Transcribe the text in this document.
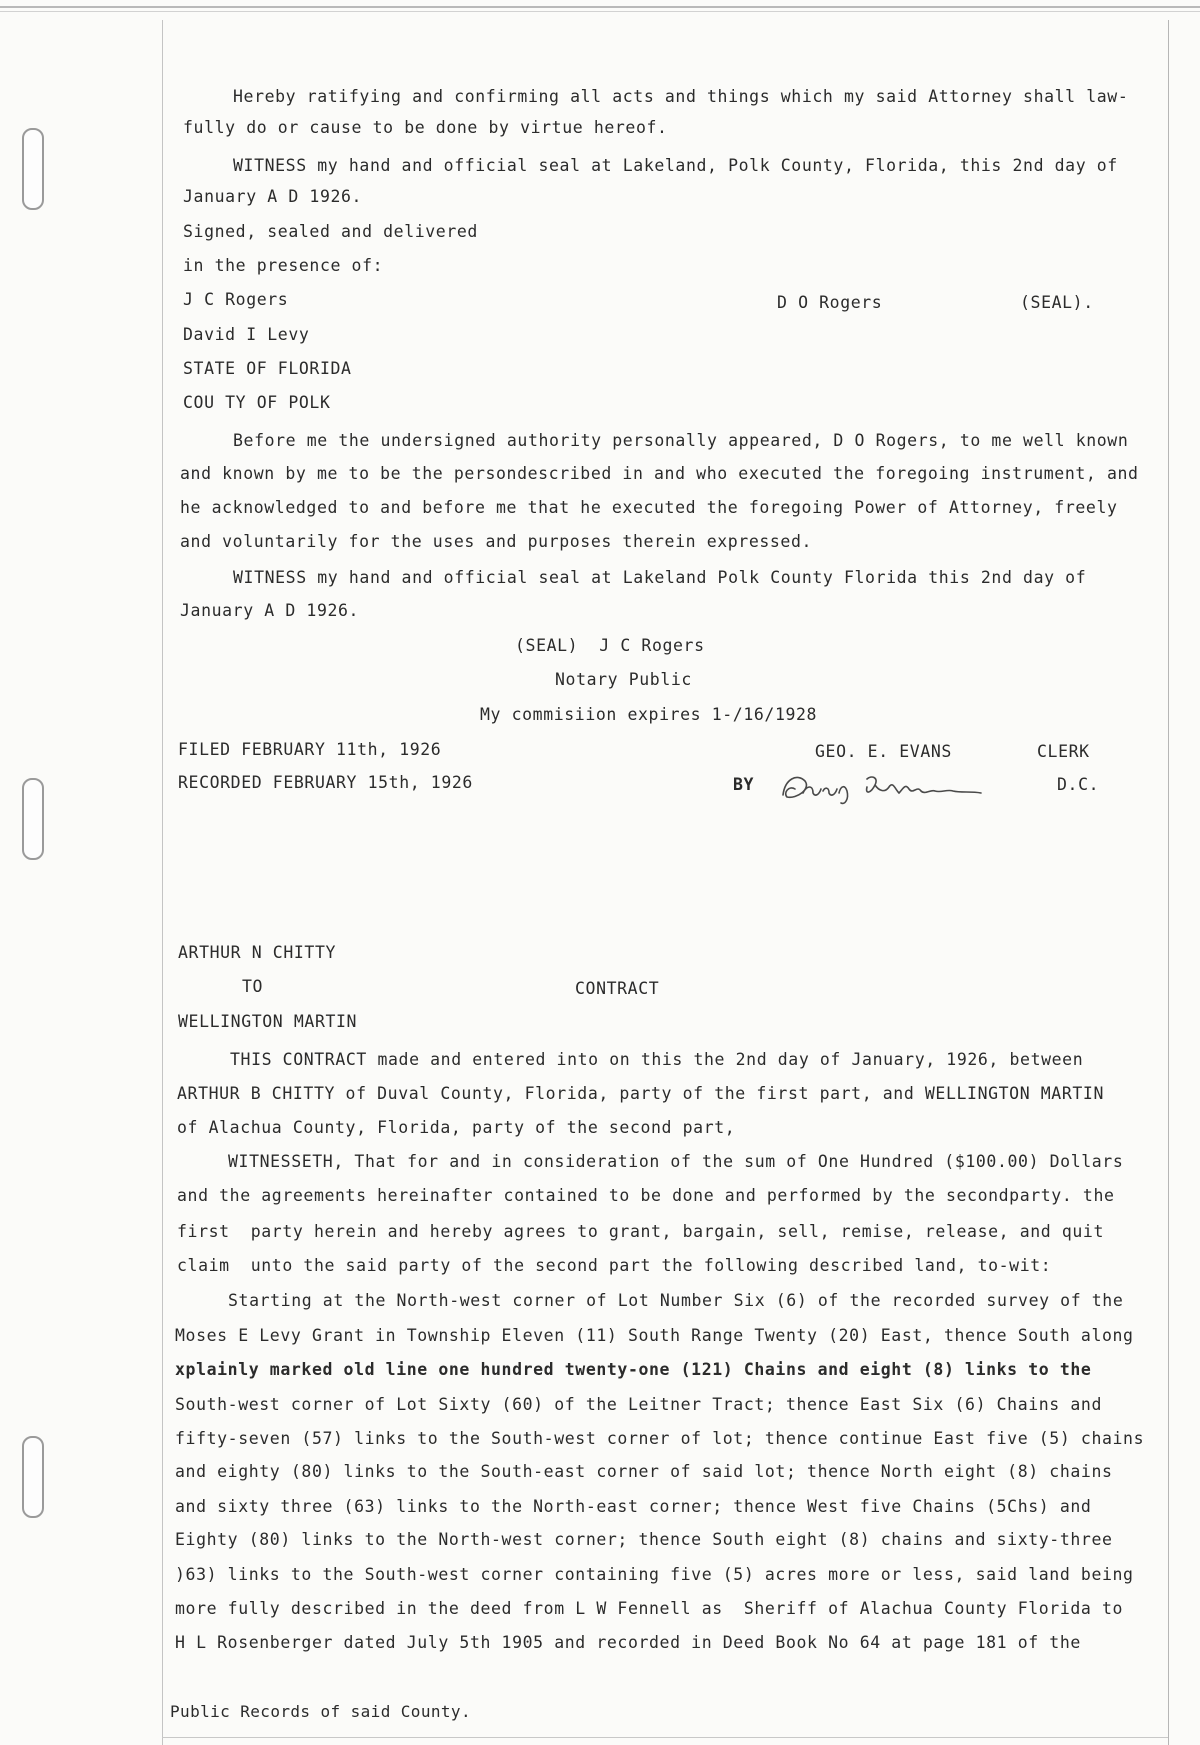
Hereby ratifying and confirming all acts and things which my said Attorney shall law-
fully do or cause to be done by virtue hereof.
WITNESS my hand and official seal at Lakeland, Polk County, Florida, this 2nd day of
January A D 1926.
Signed, sealed and delivered
in the presence of:
J C Rogers	D O Rogers	(SEAL).
David I Levy
STATE OF FLORIDA
COU TY OF POLK
Before me the undersigned authority personally appeared, D O Rogers, to me well known
and known by me to be the persondescribed in and who executed the foregoing instrument, and
he acknowledged to and before me that he executed the foregoing Power of Attorney, freely
and voluntarily for the uses and purposes therein expressed.
WITNESS my hand and official seal at Lakeland Polk County Florida this 2nd day of
January A D 1926.
(SEAL)  J C Rogers
Notary Public
My commisiion expires 1-/16/1928
FILED FEBRUARY 11th, 1926	GEO. E. EVANS	CLERK
RECORDED FEBRUARY 15th, 1926	BY	D.C.
ARTHUR N CHITTY
TO	CONTRACT
WELLINGTON MARTIN
THIS CONTRACT made and entered into on this the 2nd day of January, 1926, between
ARTHUR B CHITTY of Duval County, Florida, party of the first part, and WELLINGTON MARTIN
of Alachua County, Florida, party of the second part,
WITNESSETH, That for and in consideration of the sum of One Hundred ($100.00) Dollars
and the agreements hereinafter contained to be done and performed by the secondparty. the
first  party herein and hereby agrees to grant, bargain, sell, remise, release, and quit
claim  unto the said party of the second part the following described land, to-wit:
Starting at the North-west corner of Lot Number Six (6) of the recorded survey of the
Moses E Levy Grant in Township Eleven (11) South Range Twenty (20) East, thence South along
xplainly marked old line one hundred twenty-one (121) Chains and eight (8) links to the
South-west corner of Lot Sixty (60) of the Leitner Tract; thence East Six (6) Chains and
fifty-seven (57) links to the South-west corner of lot; thence continue East five (5) chains
and eighty (80) links to the South-east corner of said lot; thence North eight (8) chains
and sixty three (63) links to the North-east corner; thence West five Chains (5Chs) and
Eighty (80) links to the North-west corner; thence South eight (8) chains and sixty-three
)63) links to the South-west corner containing five (5) acres more or less, said land being
more fully described in the deed from L W Fennell as  Sheriff of Alachua County Florida to
H L Rosenberger dated July 5th 1905 and recorded in Deed Book No 64 at page 181 of the
Public Records of said County.
